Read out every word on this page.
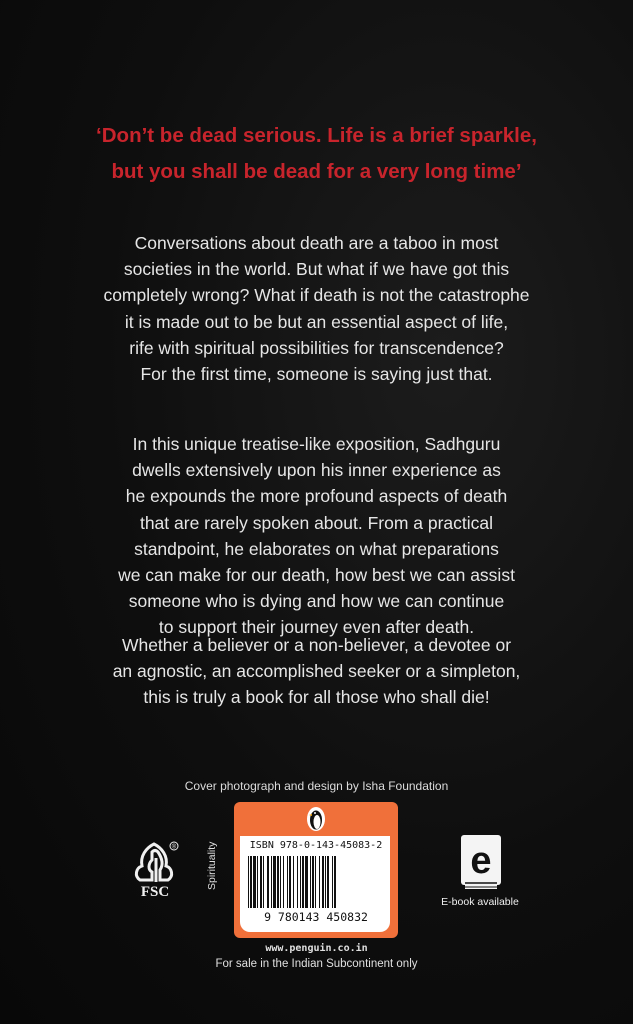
‘Don’t be dead serious. Life is a brief sparkle,
but you shall be dead for a very long time’
Conversations about death are a taboo in most
societies in the world. But what if we have got this
completely wrong? What if death is not the catastrophe
it is made out to be but an essential aspect of life,
rife with spiritual possibilities for transcendence?
For the first time, someone is saying just that.
In this unique treatise-like exposition, Sadhguru
dwells extensively upon his inner experience as
he expounds the more profound aspects of death
that are rarely spoken about. From a practical
standpoint, he elaborates on what preparations
we can make for our death, how best we can assist
someone who is dying and how we can continue
to support their journey even after death.
Whether a believer or a non-believer, a devotee or
an agnostic, an accomplished seeker or a simpleton,
this is truly a book for all those who shall die!
Cover photograph and design by Isha Foundation
®
FSC
Spirituality	ISBN 978-0-143-45083-2
9 780143 450832
e
E-book available
www.penguin.co.in
For sale in the Indian Subcontinent only
